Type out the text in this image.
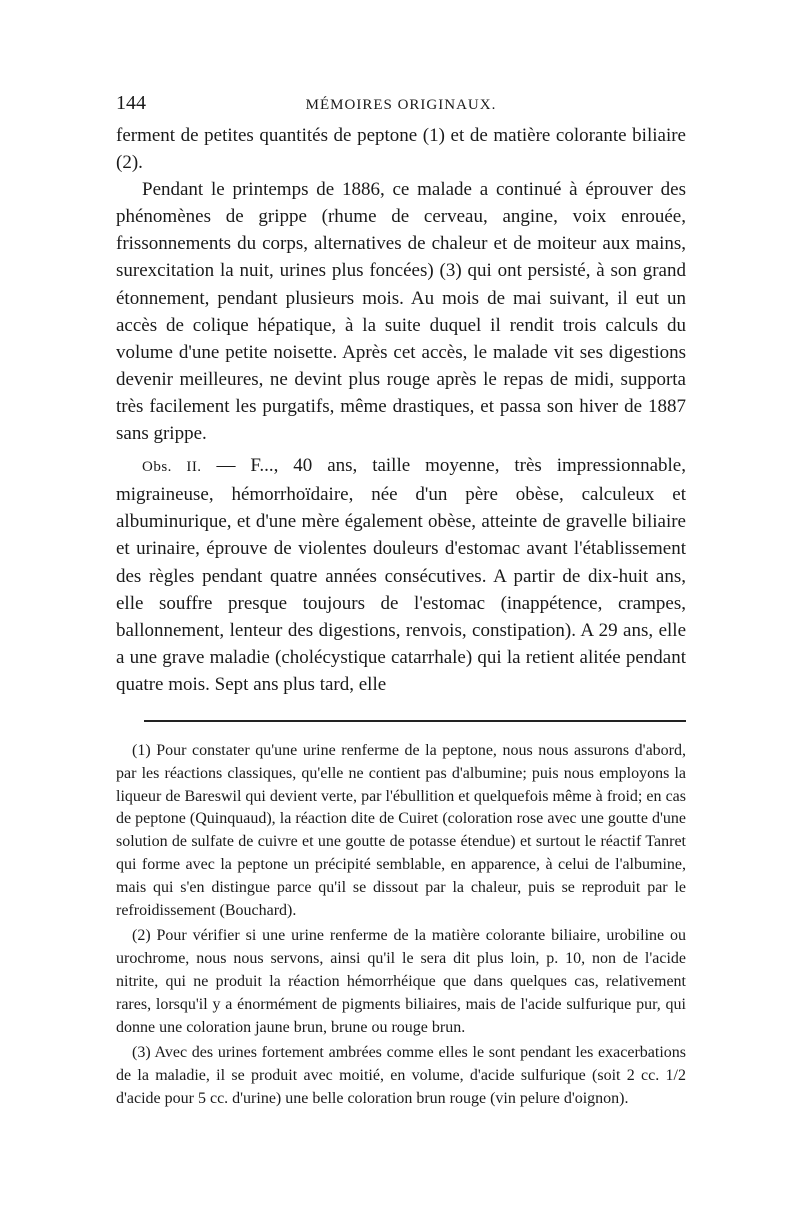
144	MÉMOIRES ORIGINAUX.

ferment de petites quantités de peptone (1) et de matière colorante biliaire (2).

Pendant le printemps de 1886, ce malade a continué à éprouver des phénomènes de grippe (rhume de cerveau, angine, voix enrouée, frissonnements du corps, alternatives de chaleur et de moiteur aux mains, surexcitation la nuit, urines plus foncées) (3) qui ont persisté, à son grand étonnement, pendant plusieurs mois. Au mois de mai suivant, il eut un accès de colique hépatique, à la suite duquel il rendit trois calculs du volume d'une petite noisette. Après cet accès, le malade vit ses digestions devenir meilleures, ne devint plus rouge après le repas de midi, supporta très facilement les purgatifs, même drastiques, et passa son hiver de 1887 sans grippe.

Obs. II. — F..., 40 ans, taille moyenne, très impressionnable, migraineuse, hémorrhoïdaire, née d'un père obèse, calculeux et albuminurique, et d'une mère également obèse, atteinte de gravelle biliaire et urinaire, éprouve de violentes douleurs d'estomac avant l'établissement des règles pendant quatre années consécutives. A partir de dix-huit ans, elle souffre presque toujours de l'estomac (inappétence, crampes, ballonnement, lenteur des digestions, renvois, constipation). A 29 ans, elle a une grave maladie (cholécystique catarrhale) qui la retient alitée pendant quatre mois. Sept ans plus tard, elle

(1) Pour constater qu'une urine renferme de la peptone, nous nous assurons d'abord, par les réactions classiques, qu'elle ne contient pas d'albumine; puis nous employons la liqueur de Bareswil qui devient verte, par l'ébullition et quelquefois même à froid; en cas de peptone (Quinquaud), la réaction dite de Cuiret (coloration rose avec une goutte d'une solution de sulfate de cuivre et une goutte de potasse étendue) et surtout le réactif Tanret qui forme avec la peptone un précipité semblable, en apparence, à celui de l'albumine, mais qui s'en distingue parce qu'il se dissout par la chaleur, puis se reproduit par le refroidissement (Bouchard).

(2) Pour vérifier si une urine renferme de la matière colorante biliaire, urobiline ou urochrome, nous nous servons, ainsi qu'il le sera dit plus loin, p. 10, non de l'acide nitrite, qui ne produit la réaction hémorrhéique que dans quelques cas, relativement rares, lorsqu'il y a énormément de pigments biliaires, mais de l'acide sulfurique pur, qui donne une coloration jaune brun, brune ou rouge brun.

(3) Avec des urines fortement ambrées comme elles le sont pendant les exacerbations de la maladie, il se produit avec moitié, en volume, d'acide sulfurique (soit 2 cc. 1/2 d'acide pour 5 cc. d'urine) une belle coloration brun rouge (vin pelure d'oignon).
